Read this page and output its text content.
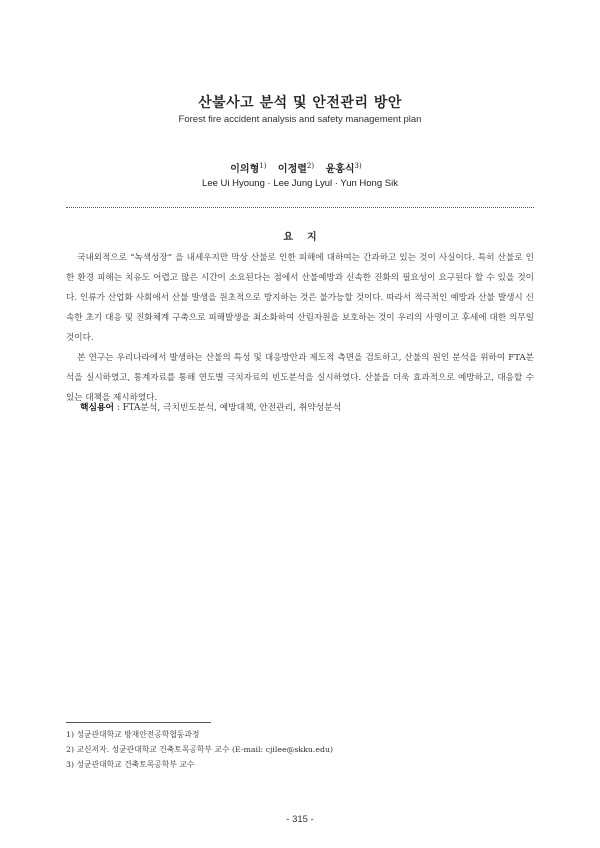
산불사고 분석 및 안전관리 방안
Forest fire accident analysis and safety management plan
이의형$^{1)}$ 이정렬$^{2)}$ 윤홍식$^{3)}$
Lee Ui Hyoung · Lee Jung Lyul · Yun Hong Sik
요    지

국내외적으로 “녹색성장” 을 내세우지만 막상 산불로 인한 피해에 대하여는 간과하고 있는 것이 사실이다. 특히 산불로 인한 환경 피해는 치유도 어렵고 많은 시간이 소요된다는 점에서 산불예방과 신속한 진화의 필요성이 요구된다 할 수 있을 것이다. 인류가 산업화 사회에서 산불 발생을 원초적으로 방지하는 것은 불가능할 것이다. 따라서 적극적인 예방과 산불 발생시 신속한 초기 대응 및 진화체계 구축으로 피해발생을 최소화하여 산림자원을 보호하는 것이 우리의 사명이고 후세에 대한 의무일 것이다.

본 연구는 우리나라에서 발생하는 산불의 특성 및 대응방안과 제도적 측면을 검토하고, 산불의 원인 분석을 위하여 FTA분석을 실시하였고, 통계자료를 통해 연도별 극치자료의 빈도분석을 실시하였다. 산불을 더욱 효과적으로 예방하고, 대응할 수 있는 대책을 제시하였다.

핵심용어 : FTA분석, 극치빈도분석, 예방대책, 안전관리, 취약성분석
1) 성균관대학교 방재안전공학협동과정
2) 교신저자. 성균관대학교 건축토목공학부 교수 (E-mail: cjilee@skku.edu)
3) 성균관대학교 건축토목공학부 교수
- 315 -
